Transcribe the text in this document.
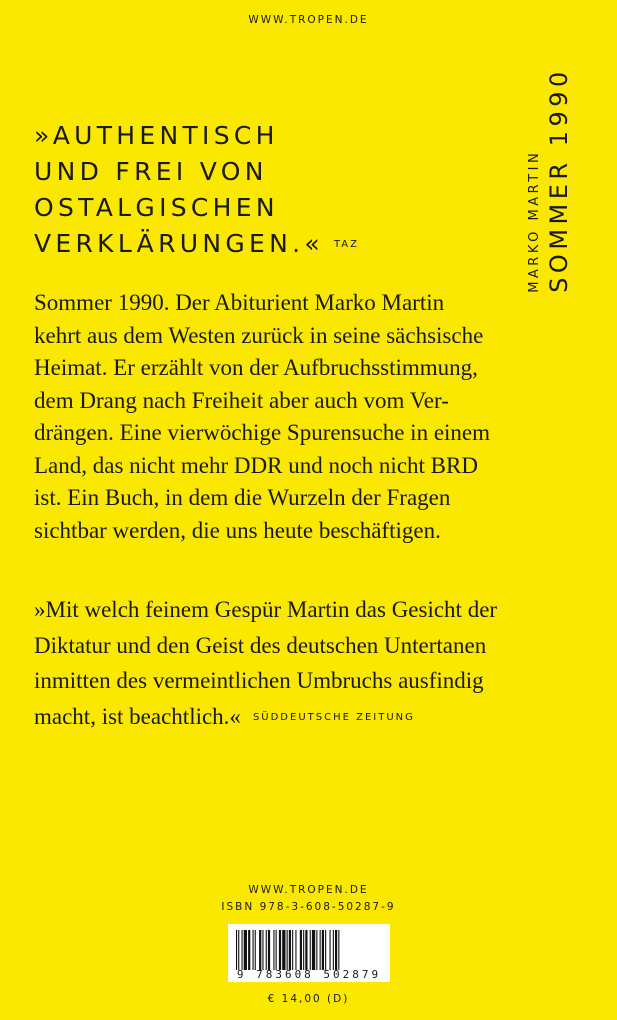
WWW.TROPEN.DE
MARKO MARTIN SOMMER 1990
»AUTHENTISCH
UND FREI VON
OSTALGISCHEN
VERKLÄRUNGEN.« TAZ
Sommer 1990. Der Abiturient Marko Martin
kehrt aus dem Westen zurück in seine sächsische
Heimat. Er erzählt von der Aufbruchsstimmung,
dem Drang nach Freiheit aber auch vom Ver-
drängen. Eine vierwöchige Spurensuche in einem
Land, das nicht mehr DDR und noch nicht BRD
ist. Ein Buch, in dem die Wurzeln der Fragen
sichtbar werden, die uns heute beschäftigen.
»Mit welch feinem Gespür Martin das Gesicht der
Diktatur und den Geist des deutschen Untertanen
inmitten des vermeintlichen Umbruchs ausfindig
macht, ist beachtlich.« SÜDDEUTSCHE ZEITUNG
WWW.TROPEN.DE
ISBN 978-3-608-50287-9
9 783608 502879
€ 14,00 (D)
